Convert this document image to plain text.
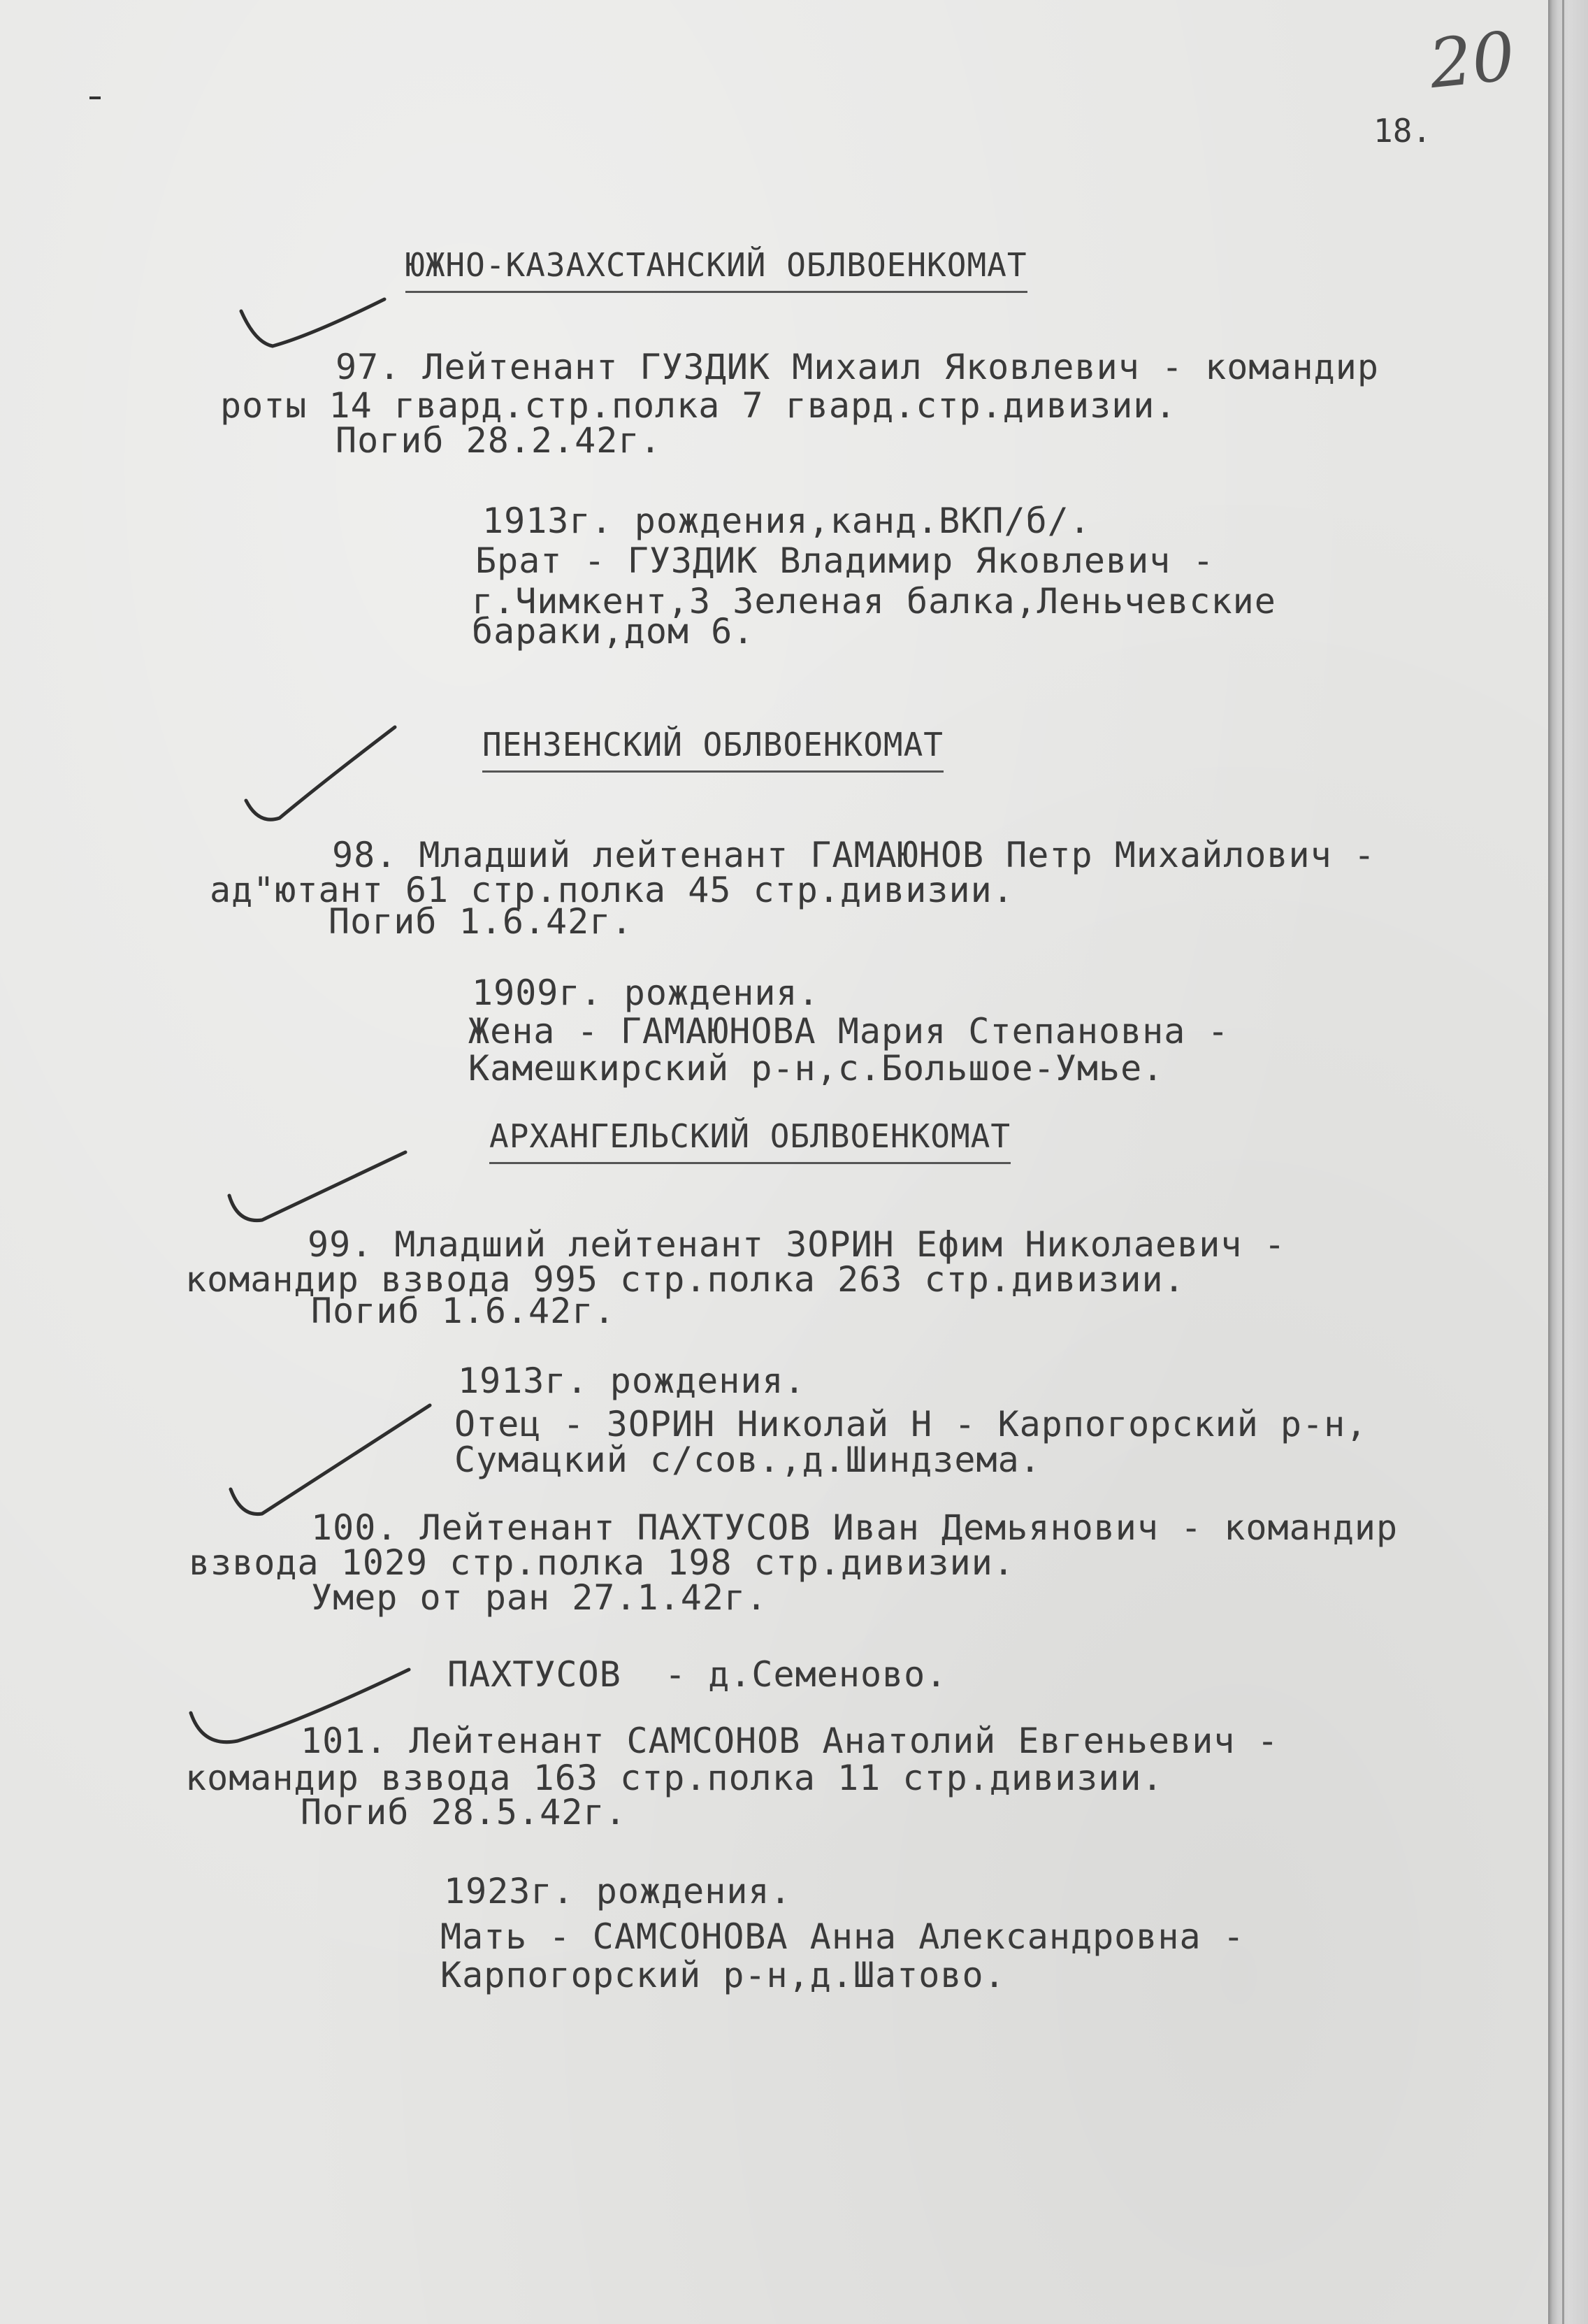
18.
20
ЮЖНО-КАЗАХСТАНСКИЙ ОБЛВОЕНКОМАТ
97. Лейтенант ГУЗДИК Михаил Яковлевич - командир
роты 14 гвард.стр.полка 7 гвард.стр.дивизии.
Погиб 28.2.42г.
1913г. рождения,канд.ВКП/б/.
Брат - ГУЗДИК Владимир Яковлевич -
г.Чимкент,3 Зеленая балка,Леньчевские
бараки,дом 6.
ПЕНЗЕНСКИЙ ОБЛВОЕНКОМАТ
98. Младший лейтенант ГАМАЮНОВ Петр Михайлович -
ад"ютант 61 стр.полка 45 стр.дивизии.
Погиб 1.6.42г.
1909г. рождения.
Жена - ГАМАЮНОВА Мария Степановна -
Камешкирский р-н,с.Большое-Умье.
АРХАНГЕЛЬСКИЙ ОБЛВОЕНКОМАТ
99. Младший лейтенант ЗОРИН Ефим Николаевич -
командир взвода 995 стр.полка 263 стр.дивизии.
Погиб 1.6.42г.
1913г. рождения.
Отец - ЗОРИН Николай Н - Карпогорский р-н,
Сумацкий с/сов.,д.Шиндзема.
100. Лейтенант ПАХТУСОВ Иван Демьянович - командир
взвода 1029 стр.полка 198 стр.дивизии.
Умер от ран 27.1.42г.
ПАХТУСОВ  - д.Семеново.
101. Лейтенант САМСОНОВ Анатолий Евгеньевич -
командир взвода 163 стр.полка 11 стр.дивизии.
Погиб 28.5.42г.
1923г. рождения.
Мать - САМСОНОВА Анна Александровна -
Карпогорский р-н,д.Шатово.
